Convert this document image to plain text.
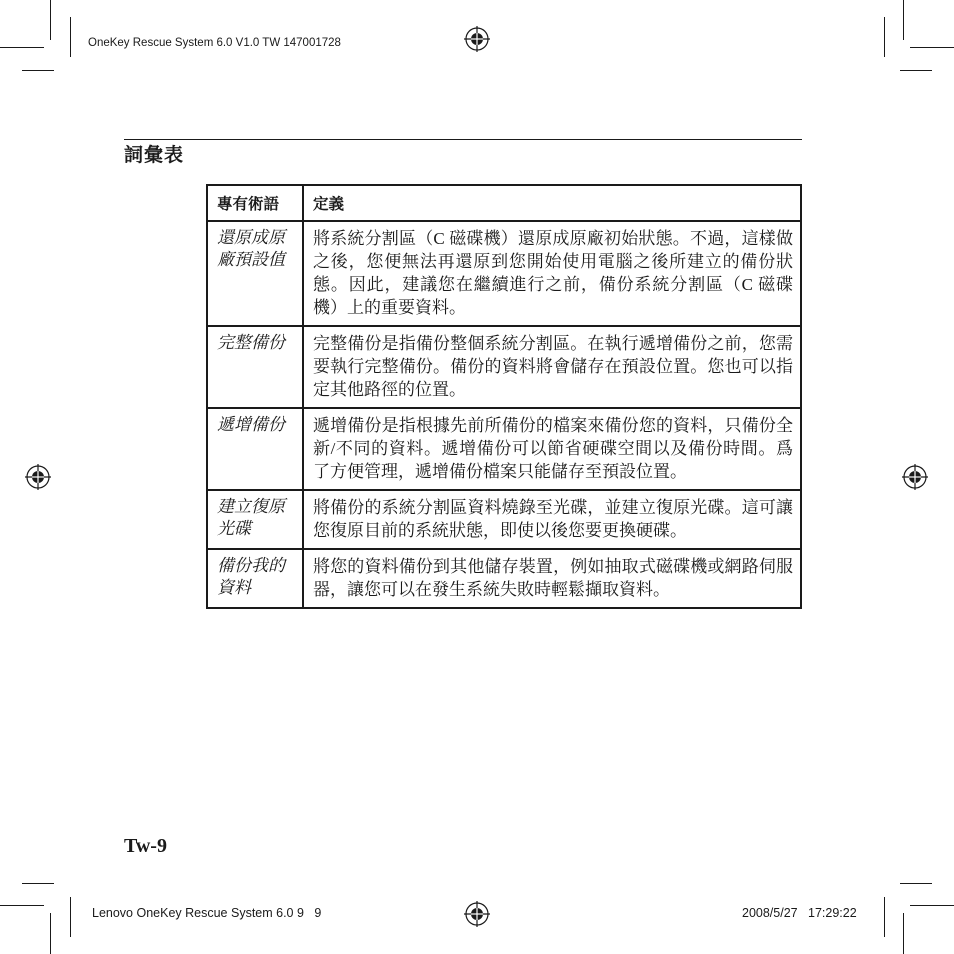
OneKey Rescue System 6.0 V1.0 TW 147001728
詞彙表
專有術語	定義
還原成原廠預設值	將系統分割區（C 磁碟機）還原成原廠初始狀態。不過，這樣做之後，您便無法再還原到您開始使用電腦之後所建立的備份狀態。因此，建議您在繼續進行之前，備份系統分割區（C 磁碟機）上的重要資料。
完整備份	完整備份是指備份整個系統分割區。在執行遞增備份之前，您需要執行完整備份。備份的資料將會儲存在預設位置。您也可以指定其他路徑的位置。
遞增備份	遞增備份是指根據先前所備份的檔案來備份您的資料，只備份全新/不同的資料。遞增備份可以節省硬碟空間以及備份時間。爲了方便管理，遞增備份檔案只能儲存至預設位置。
建立復原光碟	將備份的系統分割區資料燒錄至光碟，並建立復原光碟。這可讓您復原目前的系統狀態，即使以後您要更換硬碟。
備份我的資料	將您的資料備份到其他儲存裝置，例如抽取式磁碟機或網路伺服器，讓您可以在發生系統失敗時輕鬆擷取資料。
Tw-9
Lenovo OneKey Rescue System 6.0 9   9	2008/5/27   17:29:22
